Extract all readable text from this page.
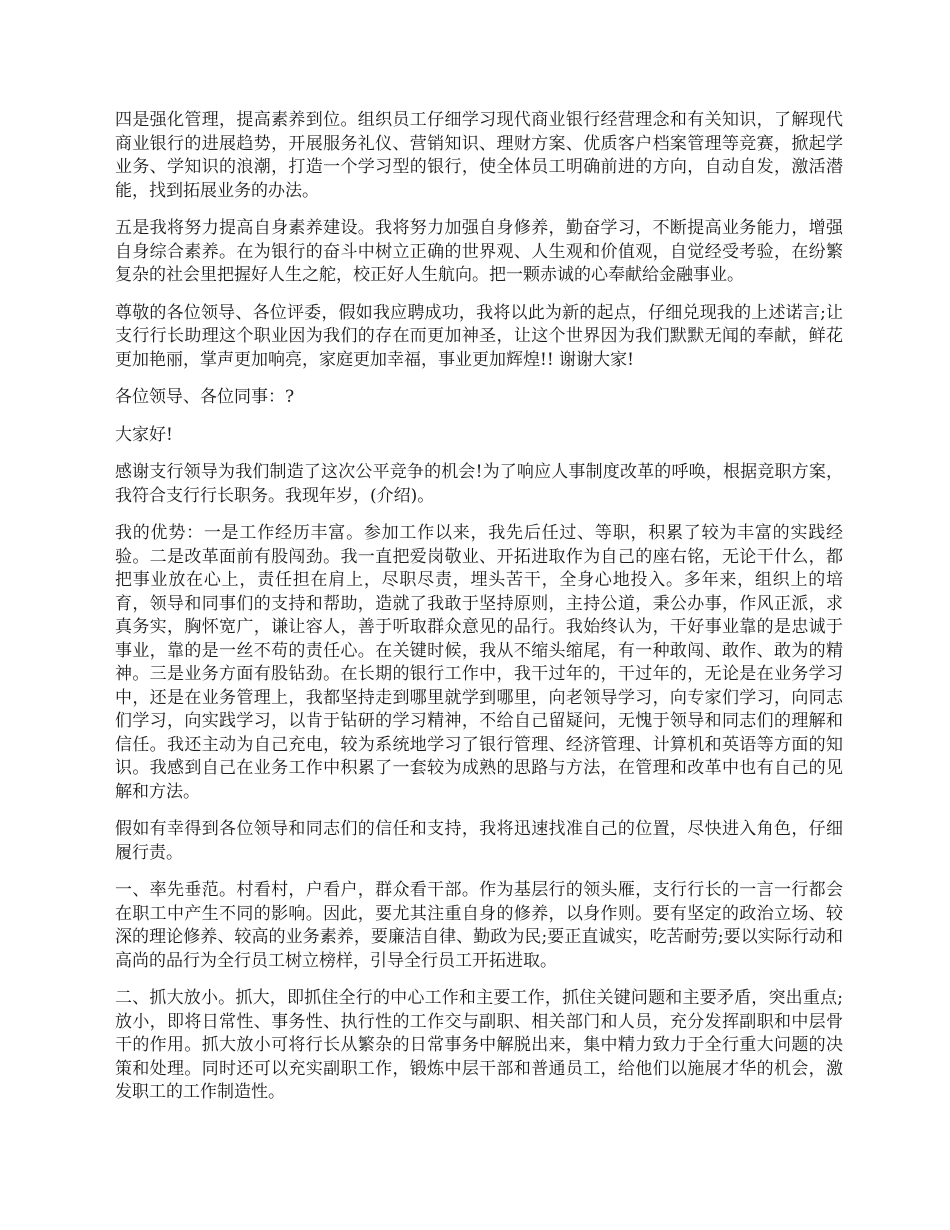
四是强化管理，提高素养到位。组织员工仔细学习现代商业银行经营理念和有关知识，了解现代商业银行的进展趋势，开展服务礼仪、营销知识、理财方案、优质客户档案管理等竞赛，掀起学业务、学知识的浪潮，打造一个学习型的银行，使全体员工明确前进的方向，自动自发，激活潜能，找到拓展业务的办法。

五是我将努力提高自身素养建设。我将努力加强自身修养，勤奋学习，不断提高业务能力，增强自身综合素养。在为银行的奋斗中树立正确的世界观、人生观和价值观，自觉经受考验，在纷繁复杂的社会里把握好人生之舵，校正好人生航向。把一颗赤诚的心奉献给金融事业。

尊敬的各位领导、各位评委，假如我应聘成功，我将以此为新的起点，仔细兑现我的上述诺言;让支行行长助理这个职业因为我们的存在而更加神圣，让这个世界因为我们默默无闻的奉献，鲜花更加艳丽，掌声更加响亮，家庭更加幸福，事业更加辉煌!! 谢谢大家!

各位领导、各位同事：?

大家好!

感谢支行领导为我们制造了这次公平竞争的机会!为了响应人事制度改革的呼唤，根据竞职方案，我符合支行行长职务。我现年岁，(介绍)。

我的优势：一是工作经历丰富。参加工作以来，我先后任过、等职，积累了较为丰富的实践经验。二是改革面前有股闯劲。我一直把爱岗敬业、开拓进取作为自己的座右铭，无论干什么，都把事业放在心上，责任担在肩上，尽职尽责，埋头苦干，全身心地投入。多年来，组织上的培育，领导和同事们的支持和帮助，造就了我敢于坚持原则，主持公道，秉公办事，作风正派，求真务实，胸怀宽广，谦让容人，善于听取群众意见的品行。我始终认为，干好事业靠的是忠诚于事业，靠的是一丝不苟的责任心。在关键时候，我从不缩头缩尾，有一种敢闯、敢作、敢为的精神。三是业务方面有股钻劲。在长期的银行工作中，我干过年的，干过年的，无论是在业务学习中，还是在业务管理上，我都坚持走到哪里就学到哪里，向老领导学习，向专家们学习，向同志们学习，向实践学习，以肯于钻研的学习精神，不给自己留疑问，无愧于领导和同志们的理解和信任。我还主动为自己充电，较为系统地学习了银行管理、经济管理、计算机和英语等方面的知识。我感到自己在业务工作中积累了一套较为成熟的思路与方法，在管理和改革中也有自己的见解和方法。

假如有幸得到各位领导和同志们的信任和支持，我将迅速找准自己的位置，尽快进入角色，仔细履行责。

一、率先垂范。村看村，户看户，群众看干部。作为基层行的领头雁，支行行长的一言一行都会在职工中产生不同的影响。因此，要尤其注重自身的修养，以身作则。要有坚定的政治立场、较深的理论修养、较高的业务素养，要廉洁自律、勤政为民;要正直诚实，吃苦耐劳;要以实际行动和高尚的品行为全行员工树立榜样，引导全行员工开拓进取。

二、抓大放小。抓大，即抓住全行的中心工作和主要工作，抓住关键问题和主要矛盾，突出重点;放小，即将日常性、事务性、执行性的工作交与副职、相关部门和人员，充分发挥副职和中层骨干的作用。抓大放小可将行长从繁杂的日常事务中解脱出来，集中精力致力于全行重大问题的决策和处理。同时还可以充实副职工作，锻炼中层干部和普通员工，给他们以施展才华的机会，激发职工的工作制造性。
